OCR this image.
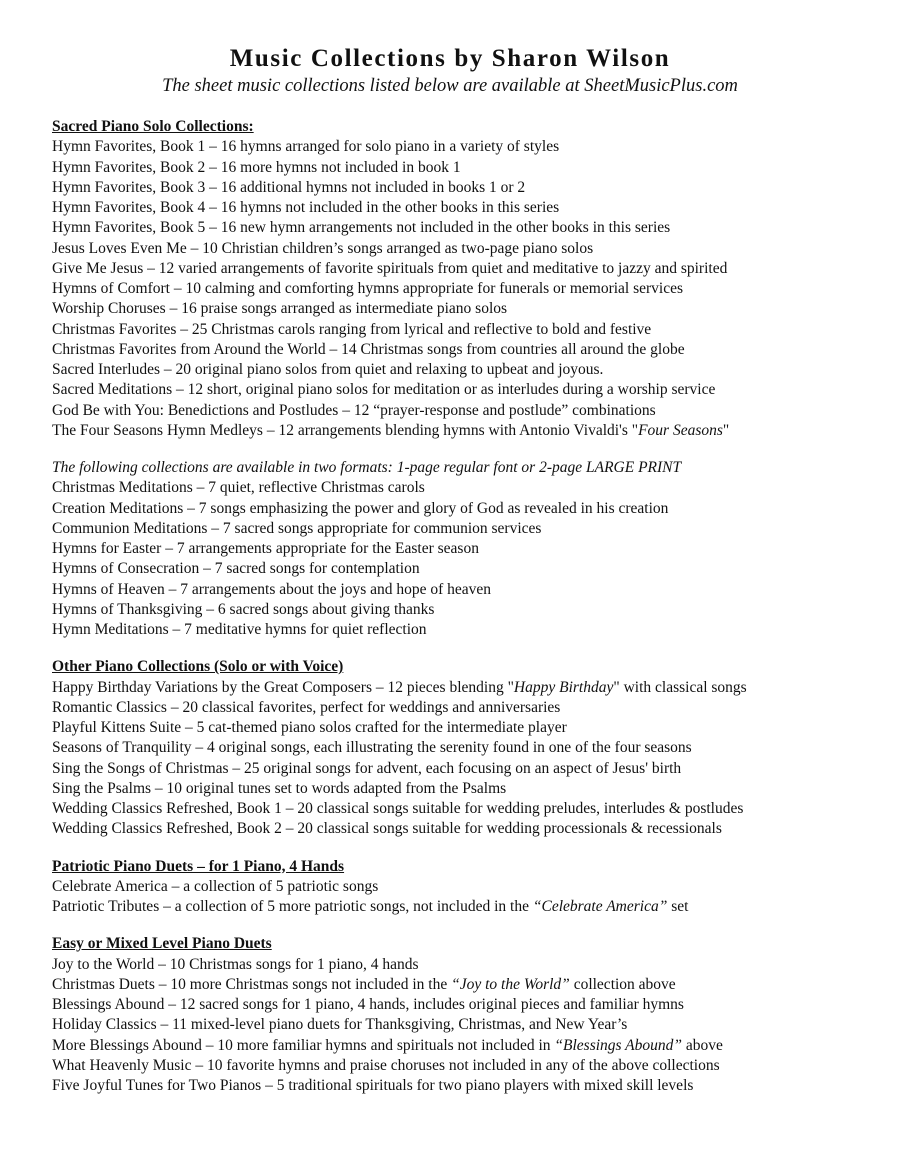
Music Collections by Sharon Wilson
The sheet music collections listed below are available at SheetMusicPlus.com
Sacred Piano Solo Collections:
Hymn Favorites, Book 1 – 16 hymns arranged for solo piano in a variety of styles
Hymn Favorites, Book 2 – 16 more hymns not included in book 1
Hymn Favorites, Book 3 – 16 additional hymns not included in books 1 or 2
Hymn Favorites, Book 4 – 16 hymns not included in the other books in this series
Hymn Favorites, Book 5 – 16 new hymn arrangements not included in the other books in this series
Jesus Loves Even Me – 10 Christian children’s songs arranged as two-page piano solos
Give Me Jesus – 12 varied arrangements of favorite spirituals from quiet and meditative to jazzy and spirited
Hymns of Comfort – 10 calming and comforting hymns appropriate for funerals or memorial services
Worship Choruses – 16 praise songs arranged as intermediate piano solos
Christmas Favorites – 25 Christmas carols ranging from lyrical and reflective to bold and festive
Christmas Favorites from Around the World – 14 Christmas songs from countries all around the globe
Sacred Interludes – 20 original piano solos from quiet and relaxing to upbeat and joyous.
Sacred Meditations – 12 short, original piano solos for meditation or as interludes during a worship service
God Be with You: Benedictions and Postludes – 12 “prayer-response and postlude” combinations
The Four Seasons Hymn Medleys – 12 arrangements blending hymns with Antonio Vivaldi's "Four Seasons"
The following collections are available in two formats: 1-page regular font or 2-page LARGE PRINT
Christmas Meditations – 7 quiet, reflective Christmas carols
Creation Meditations – 7 songs emphasizing the power and glory of God as revealed in his creation
Communion Meditations – 7 sacred songs appropriate for communion services
Hymns for Easter – 7 arrangements appropriate for the Easter season
Hymns of Consecration – 7 sacred songs for contemplation
Hymns of Heaven – 7 arrangements about the joys and hope of heaven
Hymns of Thanksgiving – 6 sacred songs about giving thanks
Hymn Meditations – 7 meditative hymns for quiet reflection
Other Piano Collections (Solo or with Voice)
Happy Birthday Variations by the Great Composers – 12 pieces blending "Happy Birthday" with classical songs
Romantic Classics – 20 classical favorites, perfect for weddings and anniversaries
Playful Kittens Suite – 5 cat-themed piano solos crafted for the intermediate player
Seasons of Tranquility – 4 original songs, each illustrating the serenity found in one of the four seasons
Sing the Songs of Christmas – 25 original songs for advent, each focusing on an aspect of Jesus' birth
Sing the Psalms – 10 original tunes set to words adapted from the Psalms
Wedding Classics Refreshed, Book 1 – 20 classical songs suitable for wedding preludes, interludes & postludes
Wedding Classics Refreshed, Book 2 – 20 classical songs suitable for wedding processionals & recessionals
Patriotic Piano Duets – for 1 Piano, 4 Hands
Celebrate America – a collection of 5 patriotic songs
Patriotic Tributes – a collection of 5 more patriotic songs, not included in the “Celebrate America” set
Easy or Mixed Level Piano Duets
Joy to the World – 10 Christmas songs for 1 piano, 4 hands
Christmas Duets – 10 more Christmas songs not included in the “Joy to the World” collection above
Blessings Abound – 12 sacred songs for 1 piano, 4 hands, includes original pieces and familiar hymns
Holiday Classics – 11 mixed-level piano duets for Thanksgiving, Christmas, and New Year’s
More Blessings Abound – 10 more familiar hymns and spirituals not included in “Blessings Abound” above
What Heavenly Music – 10 favorite hymns and praise choruses not included in any of the above collections
Five Joyful Tunes for Two Pianos – 5 traditional spirituals for two piano players with mixed skill levels
